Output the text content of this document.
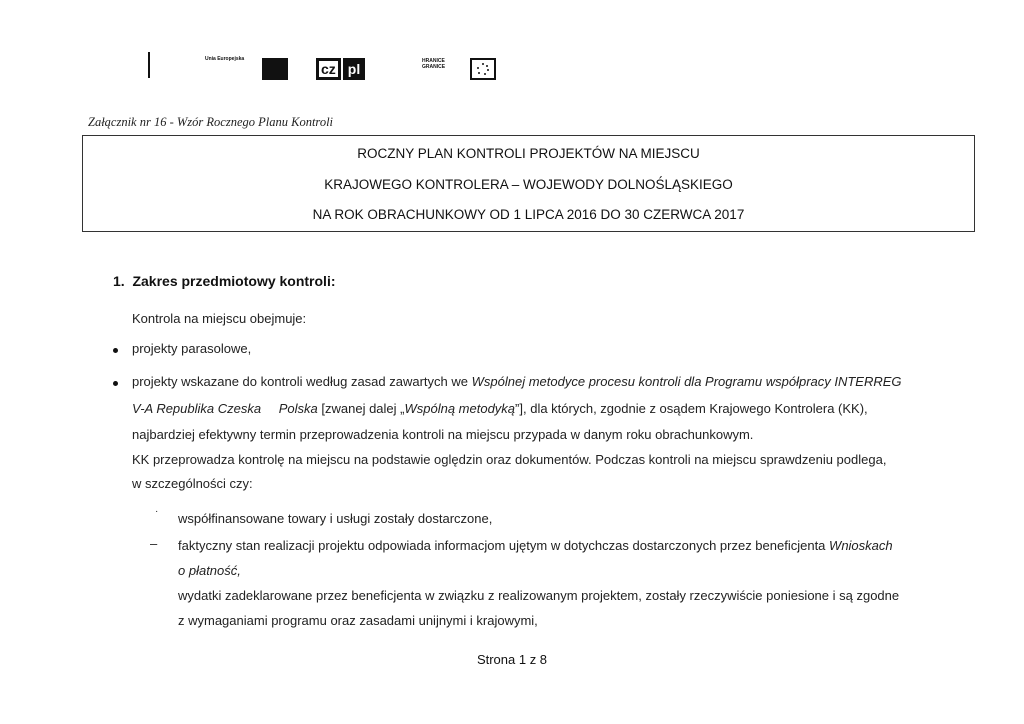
Unia Europejska
cz pl	HRANICE GRANICE
Załącznik nr 16 - Wzór Rocznego Planu Kontroli
ROCZNY PLAN KONTROLI PROJEKTÓW NA MIEJSCU
KRAJOWEGO KONTROLERA – WOJEWODY DOLNOŚLĄSKIEGO
NA ROK OBRACHUNKOWY OD 1 LIPCA 2016 DO 30 CZERWCA 2017
1. Zakres przedmiotowy kontroli:
Kontrola na miejscu obejmuje:
projekty parasolowe,
projekty wskazane do kontroli według zasad zawartych we Wspólnej metodyce procesu kontroli dla Programu współpracy INTERREG
V-A Republika Czeska Polska [zwanej dalej „Wspólną metodyką”], dla których, zgodnie z osądem Krajowego Kontrolera (KK),
najbardziej efektywny termin przeprowadzenia kontroli na miejscu przypada w danym roku obrachunkowym.
KK przeprowadza kontrolę na miejscu na podstawie oględzin oraz dokumentów. Podczas kontroli na miejscu sprawdzeniu podlega,
w szczególności czy:
· współfinansowane towary i usługi zostały dostarczone,
– faktyczny stan realizacji projektu odpowiada informacjom ujętym w dotychczas dostarczonych przez beneficjenta Wnioskach
o płatność,
wydatki zadeklarowane przez beneficjenta w związku z realizowanym projektem, zostały rzeczywiście poniesione i są zgodne
z wymaganiami programu oraz zasadami unijnymi i krajowymi,
Strona 1 z 8
